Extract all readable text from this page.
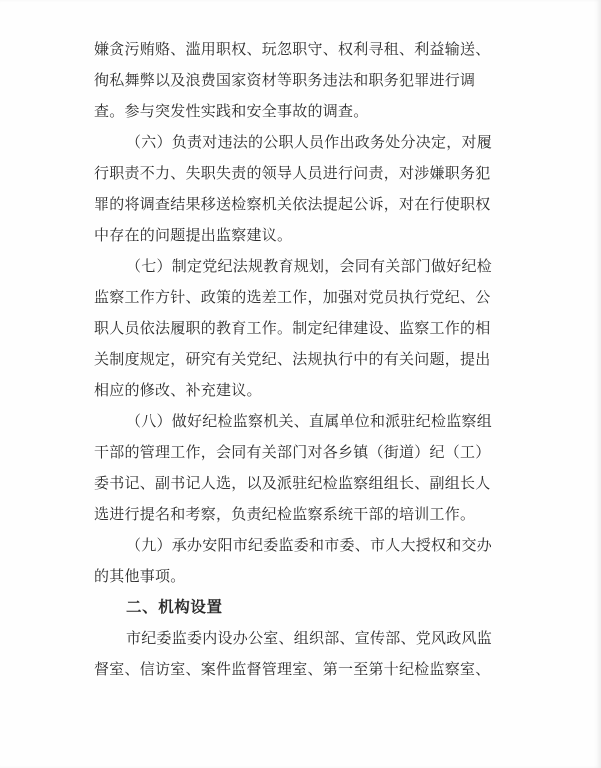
嫌贪污贿赂、滥用职权、玩忽职守、权利寻租、利益输送、
徇私舞弊以及浪费国家资材等职务违法和职务犯罪进行调
查。参与突发性实践和安全事故的调查。
（六）负责对违法的公职人员作出政务处分决定，对履
行职责不力、失职失责的领导人员进行问责，对涉嫌职务犯
罪的将调查结果移送检察机关依法提起公诉，对在行使职权
中存在的问题提出监察建议。
（七）制定党纪法规教育规划，会同有关部门做好纪检
监察工作方针、政策的选差工作，加强对党员执行党纪、公
职人员依法履职的教育工作。制定纪律建设、监察工作的相
关制度规定，研究有关党纪、法规执行中的有关问题，提出
相应的修改、补充建议。
（八）做好纪检监察机关、直属单位和派驻纪检监察组
干部的管理工作，会同有关部门对各乡镇（街道）纪（工）
委书记、副书记人选，以及派驻纪检监察组组长、副组长人
选进行提名和考察，负责纪检监察系统干部的培训工作。
（九）承办安阳市纪委监委和市委、市人大授权和交办
的其他事项。
二、机构设置
市纪委监委内设办公室、组织部、宣传部、党风政风监
督室、信访室、案件监督管理室、第一至第十纪检监察室、
